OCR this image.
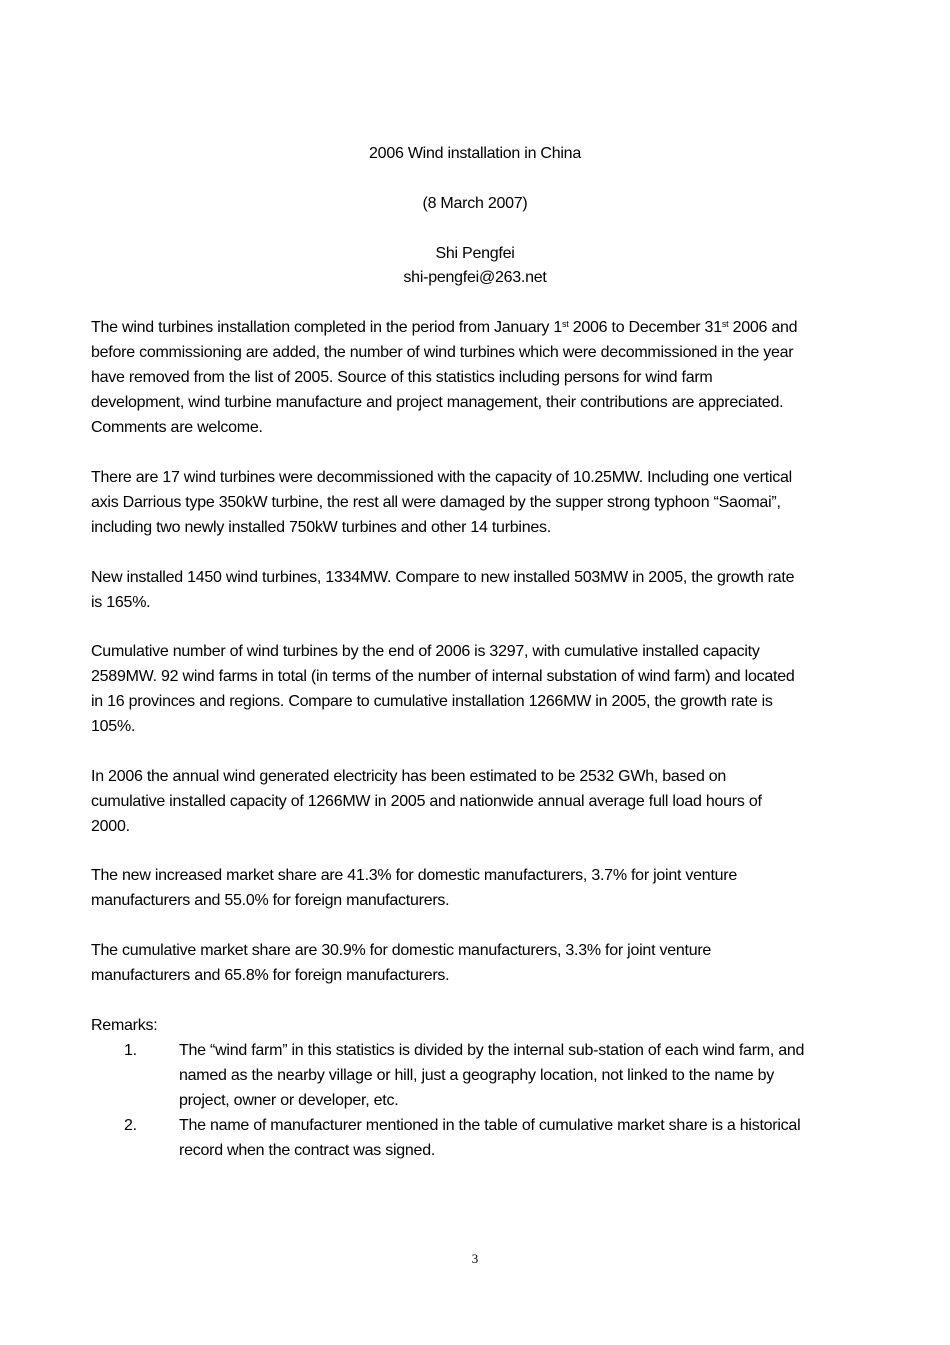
2006 Wind installation in China
(8 March 2007)
Shi Pengfei
shi-pengfei@263.net
The wind turbines installation completed in the period from January 1st 2006 to December 31st 2006 and
before commissioning are added, the number of wind turbines which were decommissioned in the year
have removed from the list of 2005. Source of this statistics including persons for wind farm
development, wind turbine manufacture and project management, their contributions are appreciated.
Comments are welcome.
There are 17 wind turbines were decommissioned with the capacity of 10.25MW. Including one vertical
axis Darrious type 350kW turbine, the rest all were damaged by the supper strong typhoon “Saomai”,
including two newly installed 750kW turbines and other 14 turbines.
New installed 1450 wind turbines, 1334MW. Compare to new installed 503MW in 2005, the growth rate
is 165%.
Cumulative number of wind turbines by the end of 2006 is 3297, with cumulative installed capacity
2589MW. 92 wind farms in total (in terms of the number of internal substation of wind farm) and located
in 16 provinces and regions. Compare to cumulative installation 1266MW in 2005, the growth rate is
105%.
In 2006 the annual wind generated electricity has been estimated to be 2532 GWh, based on
cumulative installed capacity of 1266MW in 2005 and nationwide annual average full load hours of
2000.
The new increased market share are 41.3% for domestic manufacturers, 3.7% for joint venture
manufacturers and 55.0% for foreign manufacturers.
The cumulative market share are 30.9% for domestic manufacturers, 3.3% for joint venture
manufacturers and 65.8% for foreign manufacturers.
Remarks:
1.	The “wind farm” in this statistics is divided by the internal sub-station of each wind farm, and
named as the nearby village or hill, just a geography location, not linked to the name by
project, owner or developer, etc.
2.	The name of manufacturer mentioned in the table of cumulative market share is a historical
record when the contract was signed.
3
